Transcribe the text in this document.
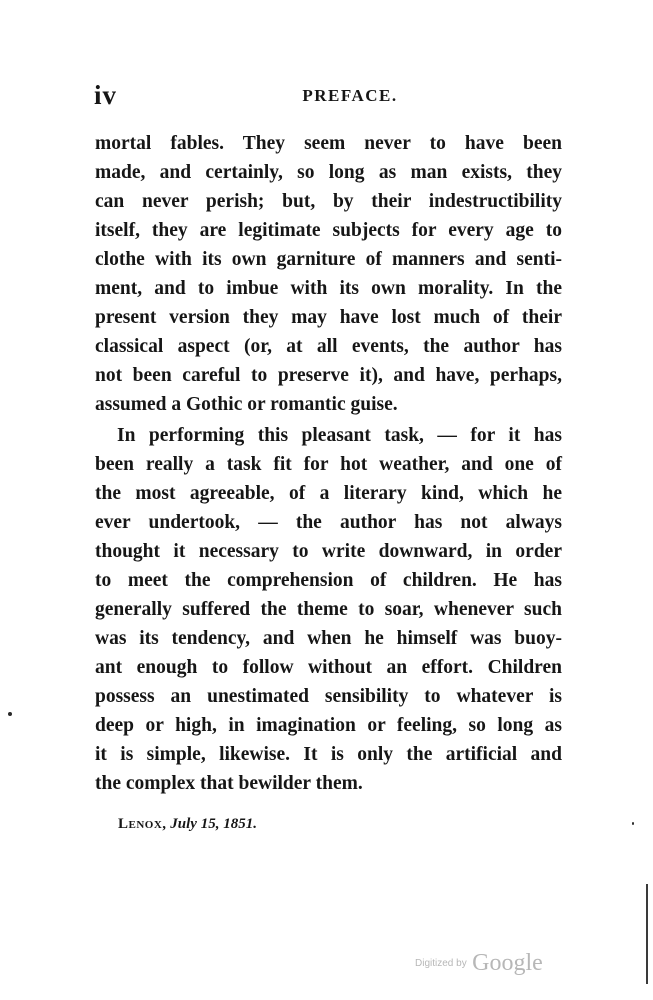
iv	PREFACE.
mortal fables. They seem never to have been
made, and certainly, so long as man exists, they
can never perish; but, by their indestructibility
itself, they are legitimate subjects for every age to
clothe with its own garniture of manners and senti-
ment, and to imbue with its own morality. In the
present version they may have lost much of their
classical aspect (or, at all events, the author has
not been careful to preserve it), and have, perhaps,
assumed a Gothic or romantic guise.
In performing this pleasant task, — for it has
been really a task fit for hot weather, and one of
the most agreeable, of a literary kind, which he
ever undertook, — the author has not always
thought it necessary to write downward, in order
to meet the comprehension of children. He has
generally suffered the theme to soar, whenever such
was its tendency, and when he himself was buoy-
ant enough to follow without an effort. Children
possess an unestimated sensibility to whatever is
deep or high, in imagination or feeling, so long as
it is simple, likewise. It is only the artificial and
the complex that bewilder them.
Lenox, July 15, 1851.
Digitized by Google
